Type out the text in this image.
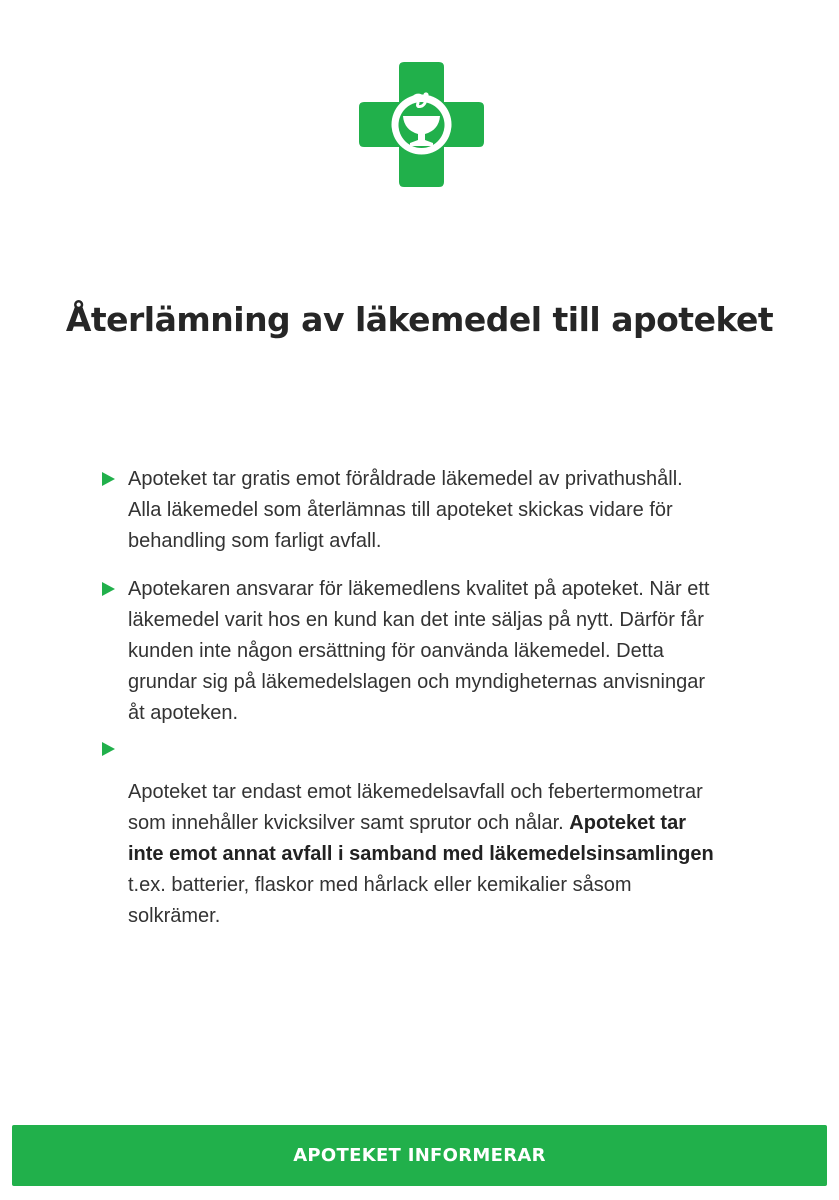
Återlämning av läkemedel till apoteket
Apoteket tar gratis emot föråldrade läkemedel av privathushåll. Alla läkemedel som återlämnas till apoteket skickas vidare för behandling som farligt avfall.
Apotekaren ansvarar för läkemedlens kvalitet på apoteket. När ett läkemedel varit hos en kund kan det inte säljas på nytt. Därför får kunden inte någon ersättning för oanvända läkemedel. Detta grundar sig på läkemedelslagen och myndigheternas anvisningar åt apoteken.
Apoteket tar endast emot läkemedelsavfall och febertermometrar som innehåller kvicksilver samt sprutor och nålar. Apoteket tar inte emot annat avfall i samband med läkemedelsinsamlingen t.ex. batterier, flaskor med hårlack eller kemikalier såsom solkrämer.
APOTEKET INFORMERAR
